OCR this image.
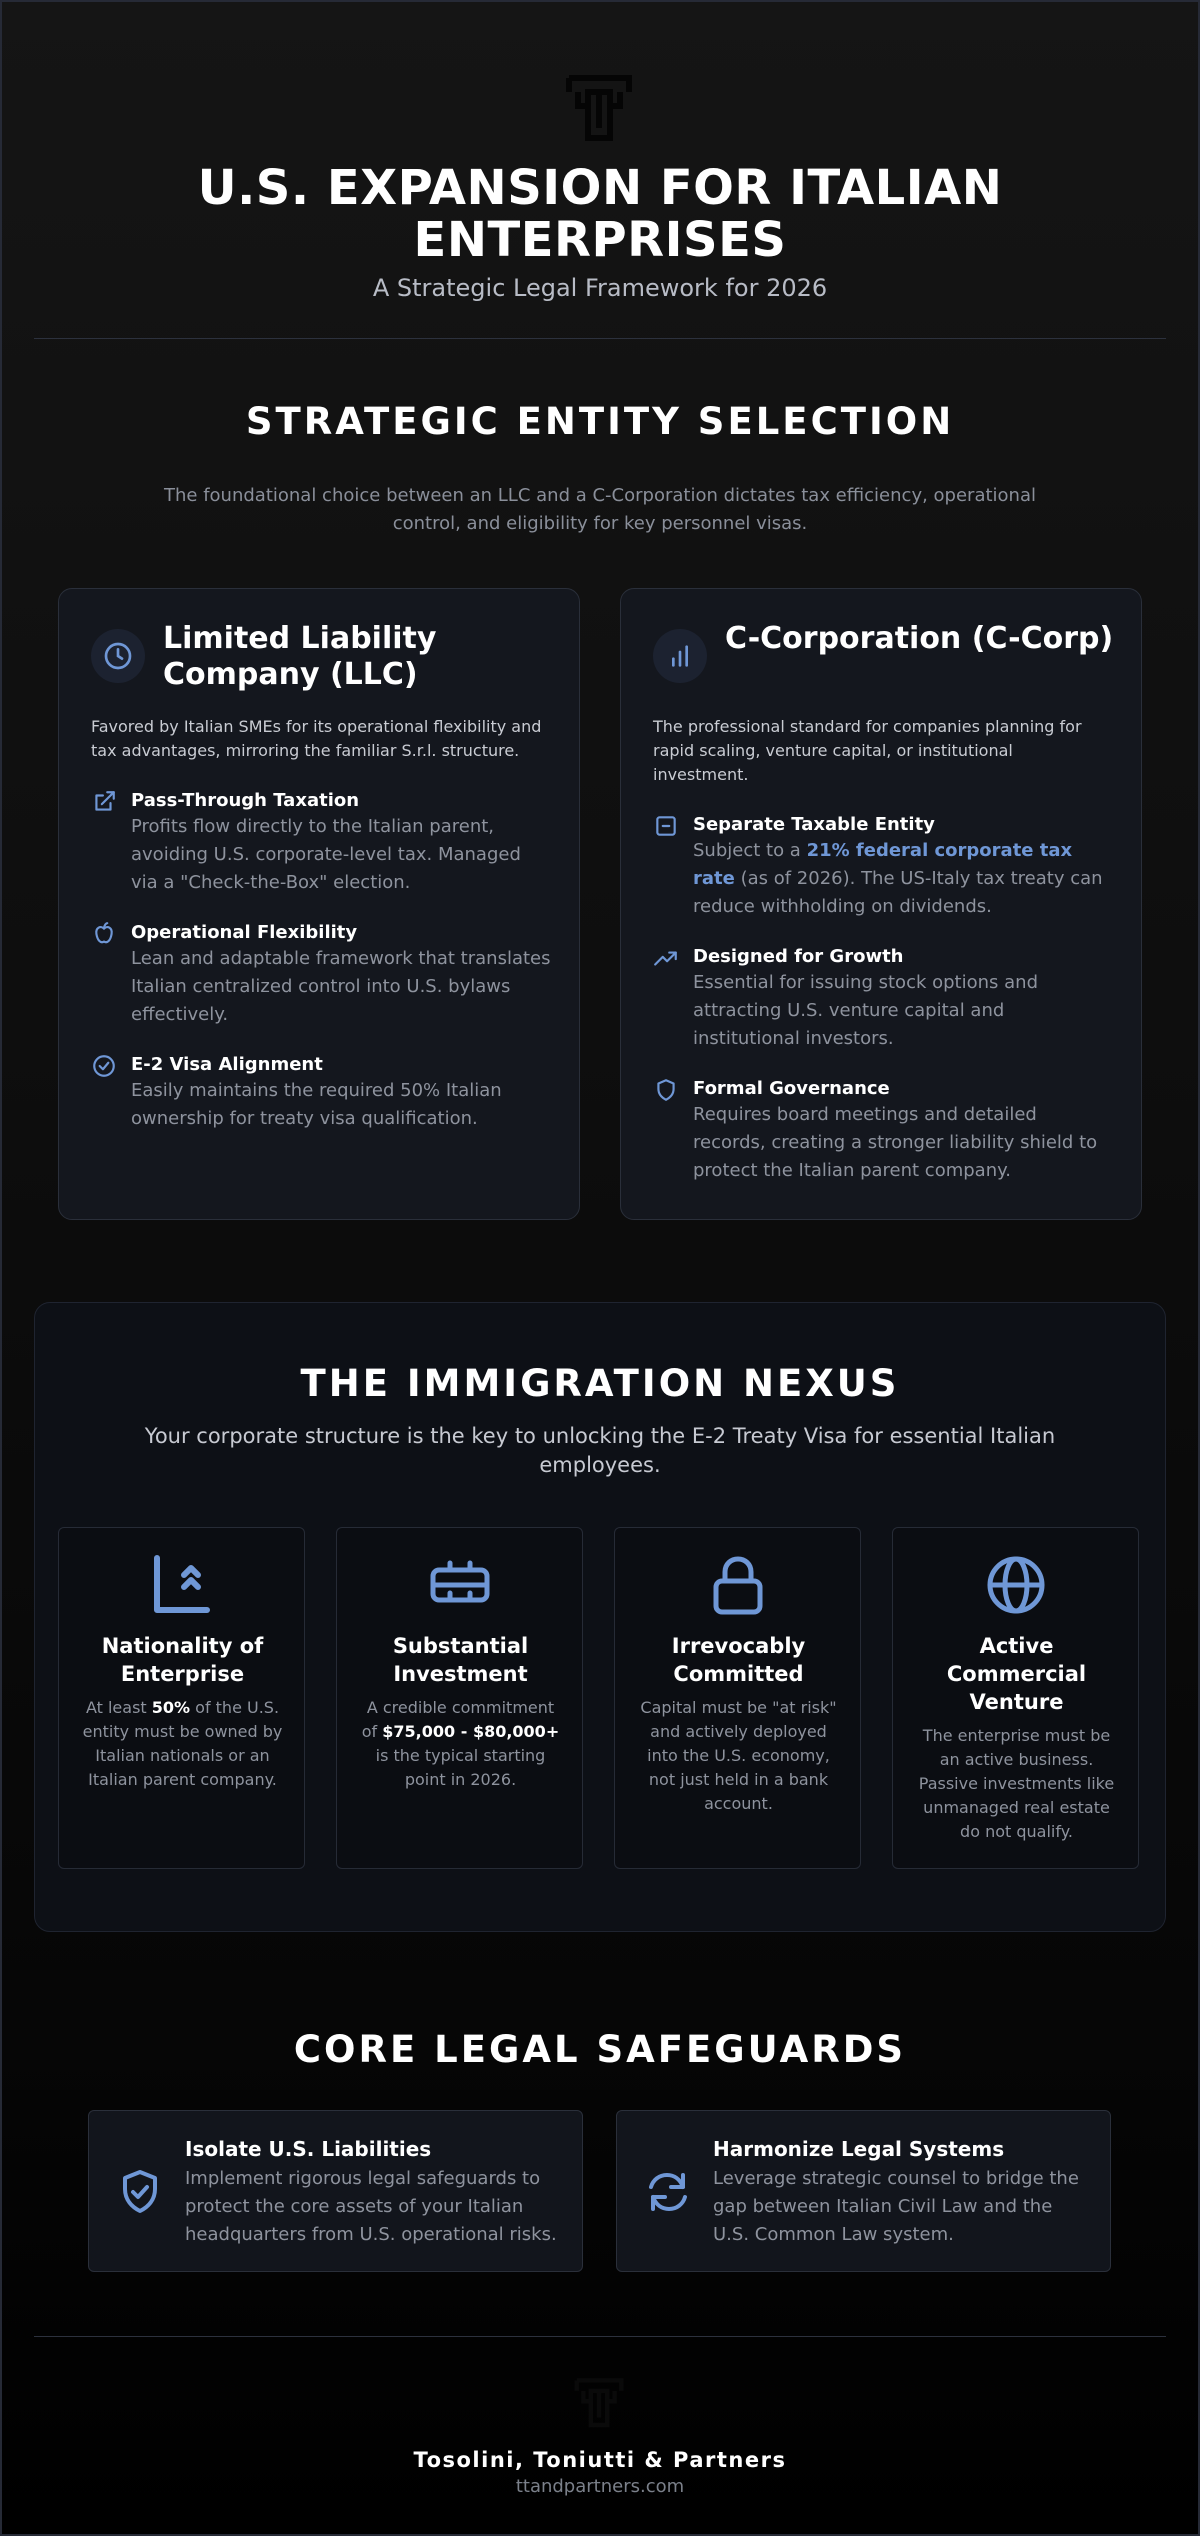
U.S. EXPANSION FOR ITALIAN ENTERPRISES
A Strategic Legal Framework for 2026
STRATEGIC ENTITY SELECTION
The foundational choice between an LLC and a C-Corporation dictates tax efficiency, operational control, and eligibility for key personnel visas.
Limited Liability Company (LLC)
Favored by Italian SMEs for its operational flexibility and tax advantages, mirroring the familiar S.r.l. structure.
Pass-Through Taxation
Profits flow directly to the Italian parent, avoiding U.S. corporate-level tax. Managed via a "Check-the-Box" election.
Operational Flexibility
Lean and adaptable framework that translates Italian centralized control into U.S. bylaws effectively.
E-2 Visa Alignment
Easily maintains the required 50% Italian ownership for treaty visa qualification.
C-Corporation (C-Corp)
The professional standard for companies planning for rapid scaling, venture capital, or institutional investment.
Separate Taxable Entity
Subject to a 21% federal corporate tax rate (as of 2026). The US-Italy tax treaty can reduce withholding on dividends.
Designed for Growth
Essential for issuing stock options and attracting U.S. venture capital and institutional investors.
Formal Governance
Requires board meetings and detailed records, creating a stronger liability shield to protect the Italian parent company.
THE IMMIGRATION NEXUS
Your corporate structure is the key to unlocking the E-2 Treaty Visa for essential Italian employees.
Nationality of Enterprise
At least 50% of the U.S. entity must be owned by Italian nationals or an Italian parent company.
Substantial Investment
A credible commitment of $75,000 - $80,000+ is the typical starting point in 2026.
Irrevocably Committed
Capital must be "at risk" and actively deployed into the U.S. economy, not just held in a bank account.
Active Commercial Venture
The enterprise must be an active business. Passive investments like unmanaged real estate do not qualify.
CORE LEGAL SAFEGUARDS
Isolate U.S. Liabilities
Implement rigorous legal safeguards to protect the core assets of your Italian headquarters from U.S. operational risks.
Harmonize Legal Systems
Leverage strategic counsel to bridge the gap between Italian Civil Law and the U.S. Common Law system.
Tosolini, Toniutti & Partners
ttandpartners.com
